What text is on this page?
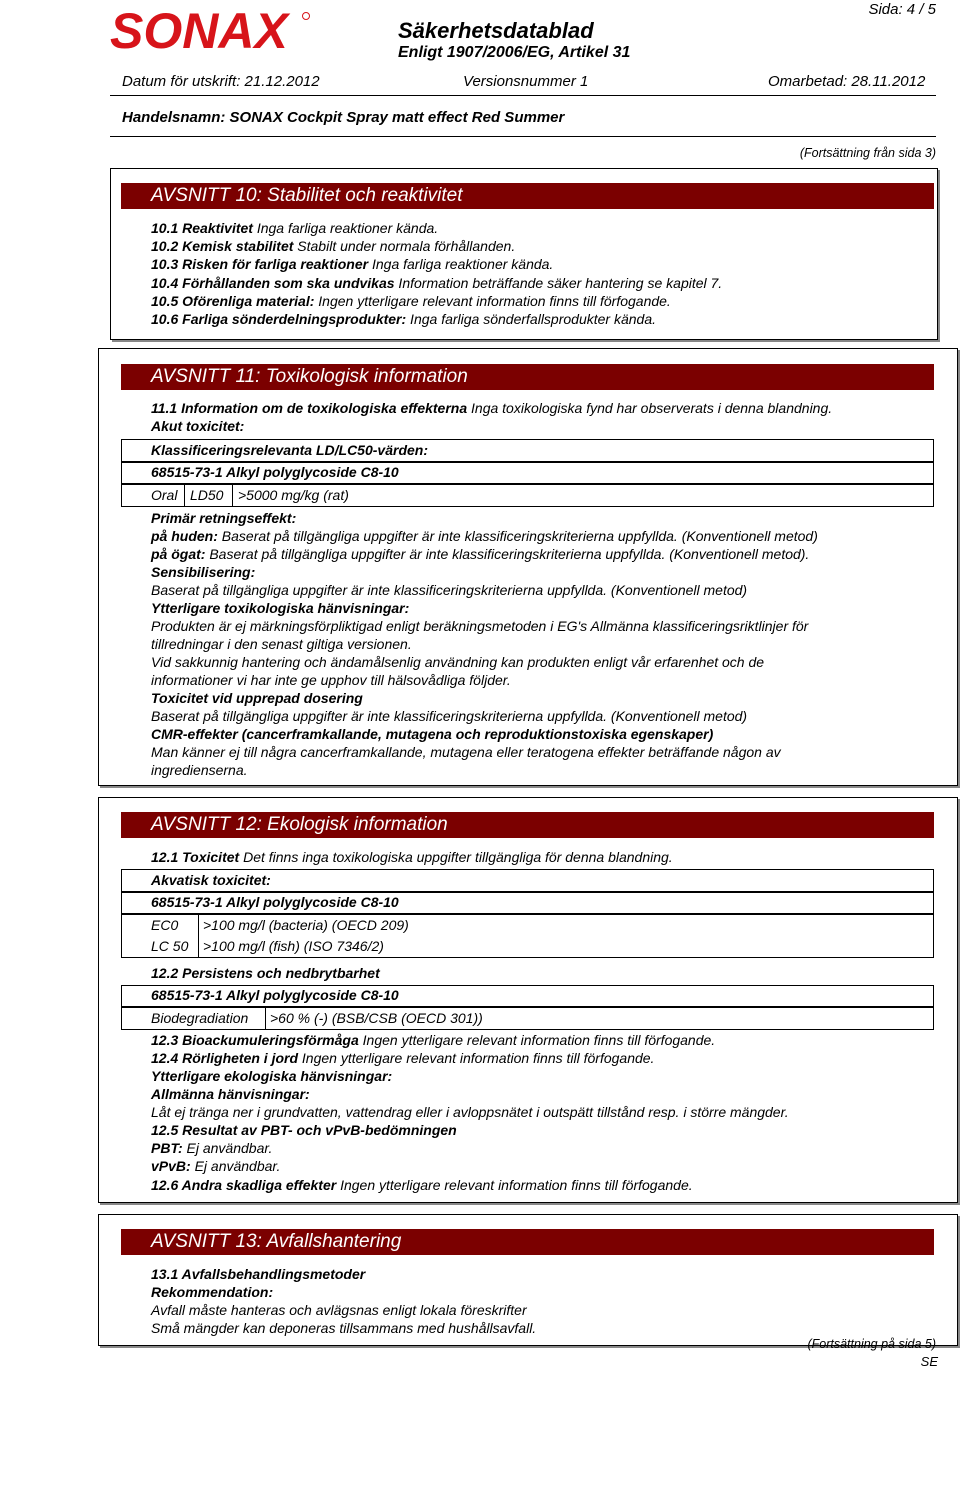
SONAX	Säkerhetsdatablad
Enligt 1907/2006/EG, Artikel 31
Sida: 4 / 5
Datum för utskrift: 21.12.2012	Versionsnummer 1	Omarbetad: 28.11.2012
Handelsnamn: SONAX Cockpit Spray matt effect Red Summer
(Fortsättning från sida 3)
AVSNITT 10: Stabilitet och reaktivitet
10.1 Reaktivitet Inga farliga reaktioner kända.
10.2 Kemisk stabilitet Stabilt under normala förhållanden.
10.3 Risken för farliga reaktioner Inga farliga reaktioner kända.
10.4 Förhållanden som ska undvikas Information beträffande säker hantering se kapitel 7.
10.5 Oförenliga material: Ingen ytterligare relevant information finns till förfogande.
10.6 Farliga sönderdelningsprodukter: Inga farliga sönderfallsprodukter kända.
AVSNITT 11: Toxikologisk information
11.1 Information om de toxikologiska effekterna Inga toxikologiska fynd har observerats i denna blandning.
Akut toxicitet:
Klassificeringsrelevanta LD/LC50-värden:
68515-73-1 Alkyl polyglycoside C8-10
Oral LD50 >5000 mg/kg (rat)
Primär retningseffekt:
på huden: Baserat på tillgängliga uppgifter är inte klassificeringskriterierna uppfyllda. (Konventionell metod)
på ögat: Baserat på tillgängliga uppgifter är inte klassificeringskriterierna uppfyllda. (Konventionell metod).
Sensibilisering:
Baserat på tillgängliga uppgifter är inte klassificeringskriterierna uppfyllda. (Konventionell metod)
Ytterligare toxikologiska hänvisningar:
Produkten är ej märkningsförpliktigad enligt beräkningsmetoden i EG's Allmänna klassificeringsriktlinjer för
tillredningar i den senast giltiga versionen.
Vid sakkunnig hantering och ändamålsenlig användning kan produkten enligt vår erfarenhet och de
informationer vi har inte ge upphov till hälsovådliga följder.
Toxicitet vid upprepad dosering
Baserat på tillgängliga uppgifter är inte klassificeringskriterierna uppfyllda. (Konventionell metod)
CMR-effekter (cancerframkallande, mutagena och reproduktionstoxiska egenskaper)
Man känner ej till några cancerframkallande, mutagena eller teratogena effekter beträffande någon av
ingredienserna.
AVSNITT 12: Ekologisk information
12.1 Toxicitet Det finns inga toxikologiska uppgifter tillgängliga för denna blandning.
Akvatisk toxicitet:
68515-73-1 Alkyl polyglycoside C8-10
EC0 >100 mg/l (bacteria) (OECD 209)
LC 50 >100 mg/l (fish) (ISO 7346/2)
12.2 Persistens och nedbrytbarhet
68515-73-1 Alkyl polyglycoside C8-10
Biodegradiation >60 % (-) (BSB/CSB (OECD 301))
12.3 Bioackumuleringsförmåga Ingen ytterligare relevant information finns till förfogande.
12.4 Rörligheten i jord Ingen ytterligare relevant information finns till förfogande.
Ytterligare ekologiska hänvisningar:
Allmänna hänvisningar:
Låt ej tränga ner i grundvatten, vattendrag eller i avloppsnätet i outspätt tillstånd resp. i större mängder.
12.5 Resultat av PBT- och vPvB-bedömningen
PBT: Ej användbar.
vPvB: Ej användbar.
12.6 Andra skadliga effekter Ingen ytterligare relevant information finns till förfogande.
AVSNITT 13: Avfallshantering
13.1 Avfallsbehandlingsmetoder
Rekommendation:
Avfall måste hanteras och avlägsnas enligt lokala föreskrifter
Små mängder kan deponeras tillsammans med hushållsavfall.
(Fortsättning på sida 5)
SE
